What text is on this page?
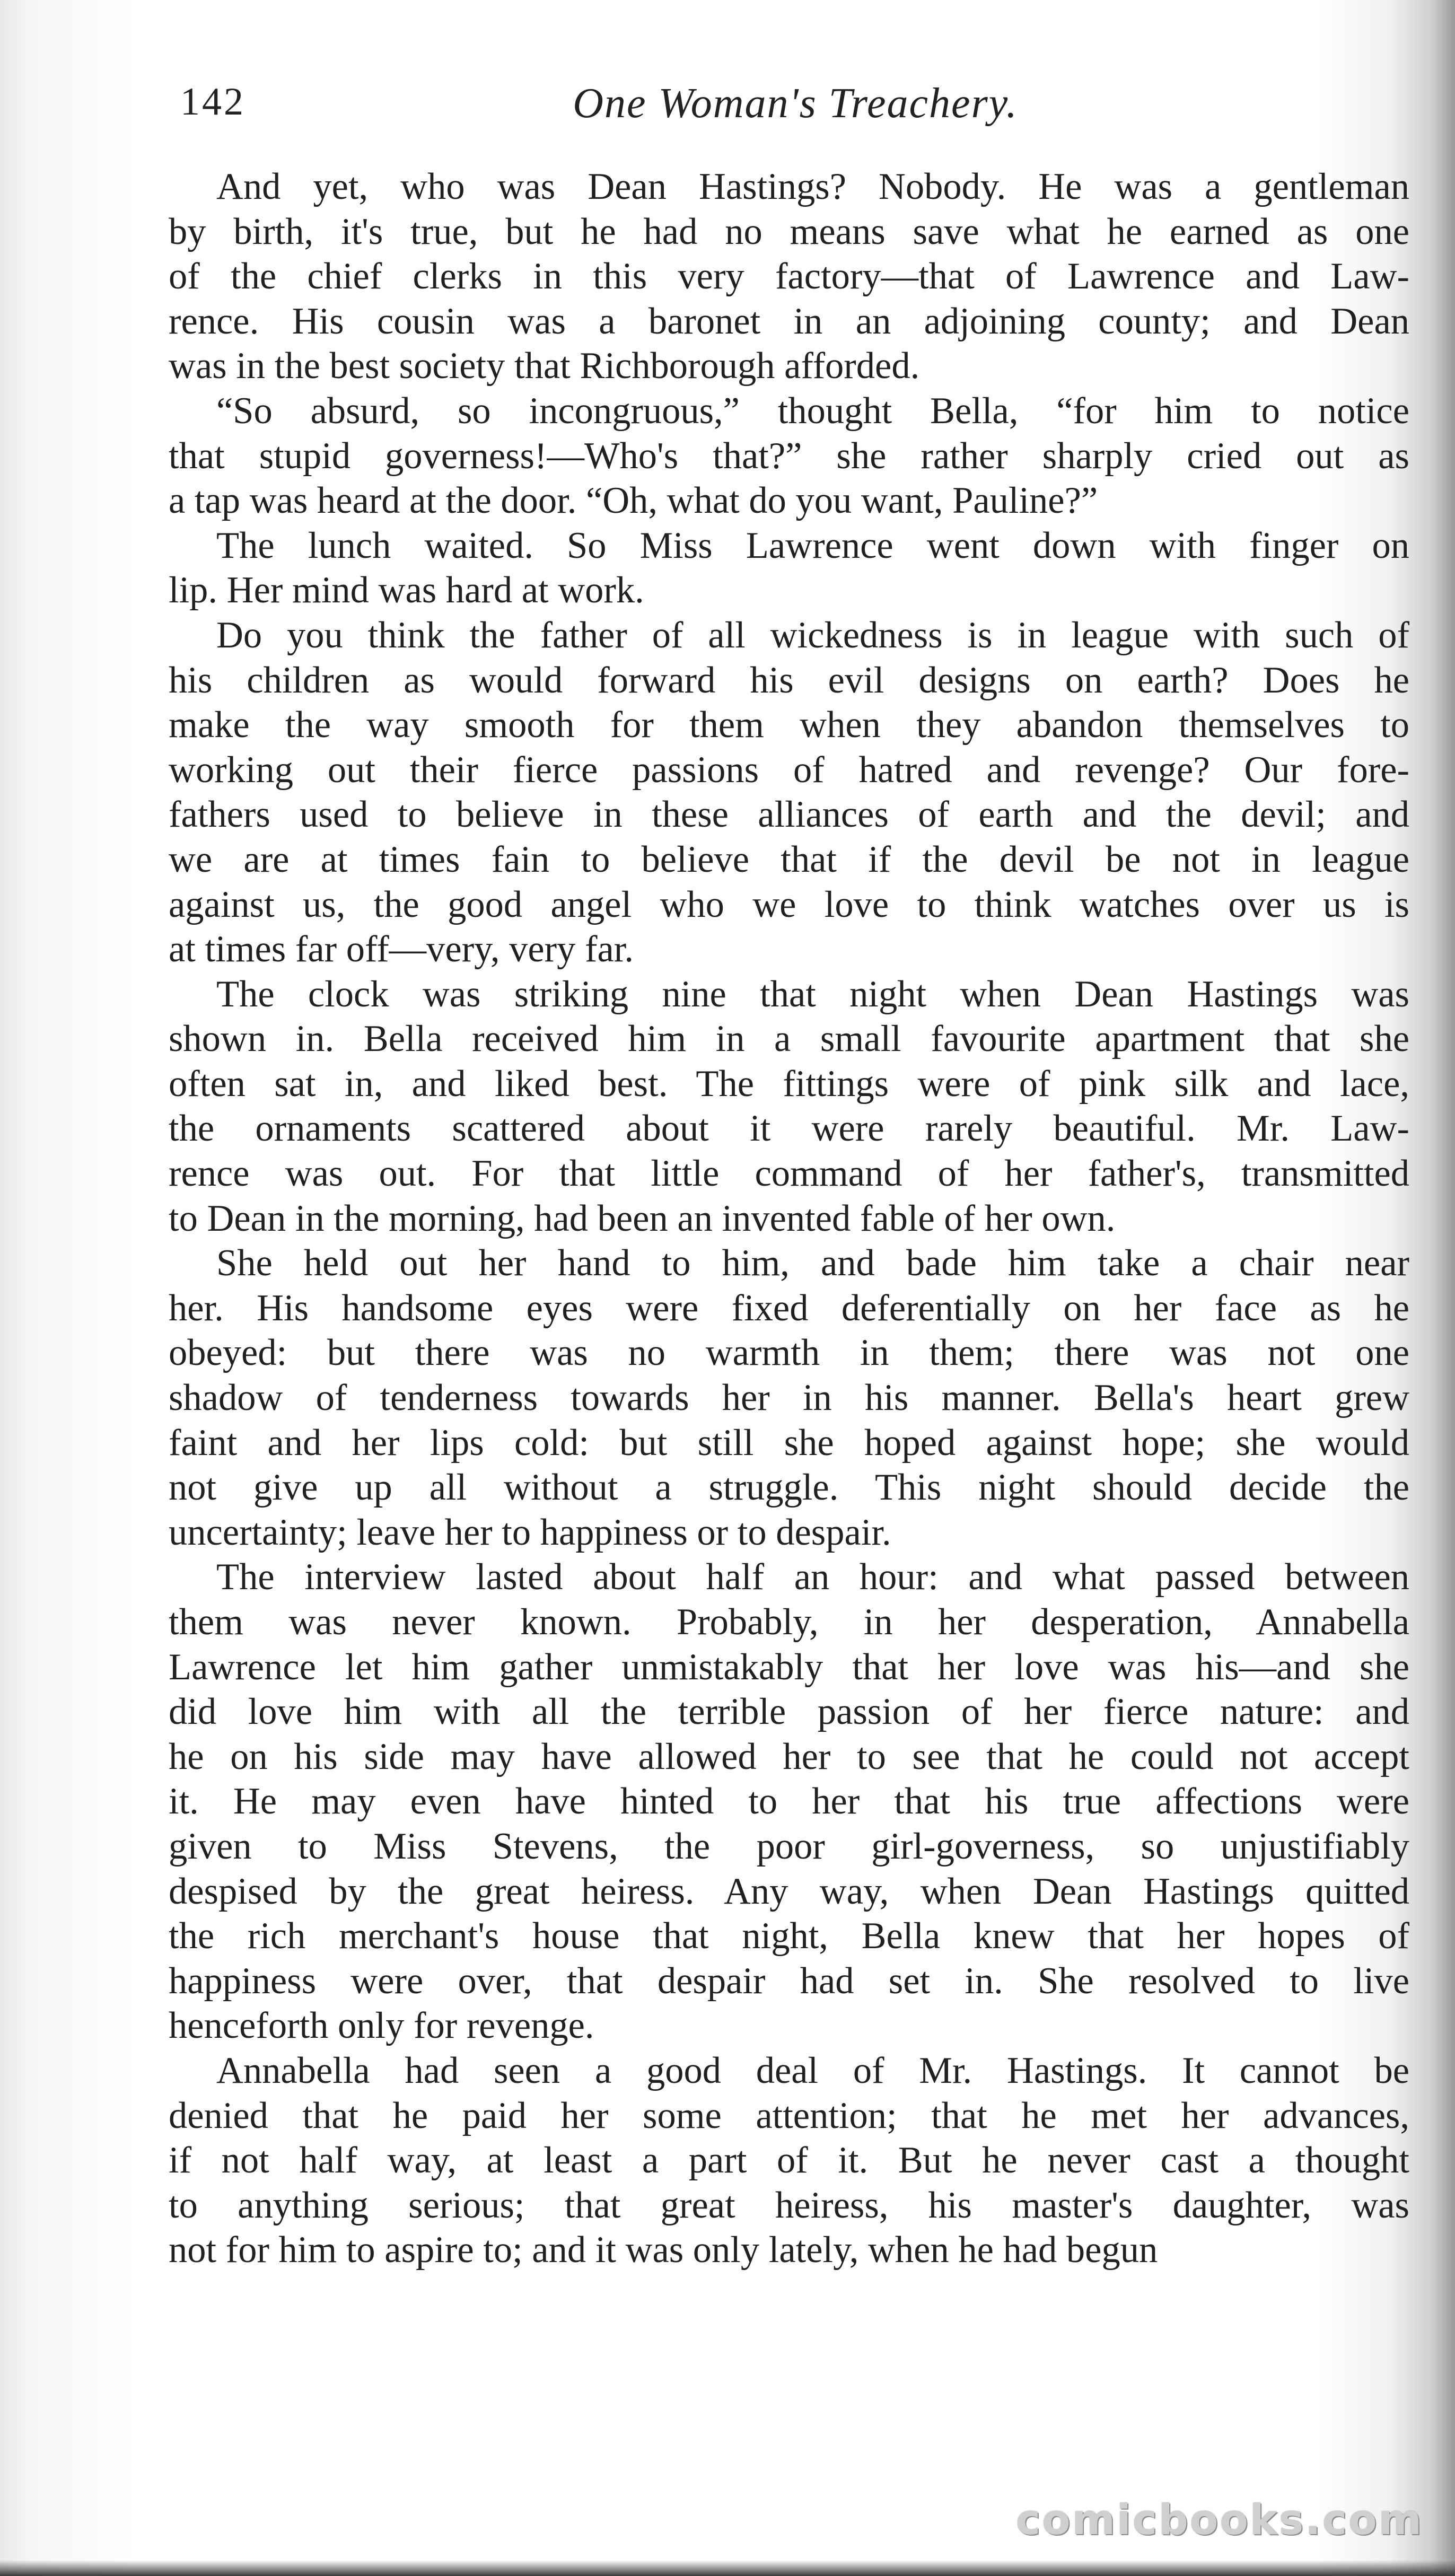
142	One Woman's Treachery.
And yet, who was Dean Hastings? Nobody. He was a gentleman
by birth, it's true, but he had no means save what he earned as one
of the chief clerks in this very factory—that of Lawrence and Law-
rence. His cousin was a baronet in an adjoining county; and Dean
was in the best society that Richborough afforded.
“So absurd, so incongruous,” thought Bella, “for him to notice
that stupid governess!—Who's that?” she rather sharply cried out as
a tap was heard at the door. “Oh, what do you want, Pauline?”
The lunch waited. So Miss Lawrence went down with finger on
lip. Her mind was hard at work.
Do you think the father of all wickedness is in league with such of
his children as would forward his evil designs on earth? Does he
make the way smooth for them when they abandon themselves to
working out their fierce passions of hatred and revenge? Our fore-
fathers used to believe in these alliances of earth and the devil; and
we are at times fain to believe that if the devil be not in league
against us, the good angel who we love to think watches over us is
at times far off—very, very far.
The clock was striking nine that night when Dean Hastings was
shown in. Bella received him in a small favourite apartment that she
often sat in, and liked best. The fittings were of pink silk and lace,
the ornaments scattered about it were rarely beautiful. Mr. Law-
rence was out. For that little command of her father's, transmitted
to Dean in the morning, had been an invented fable of her own.
She held out her hand to him, and bade him take a chair near
her. His handsome eyes were fixed deferentially on her face as he
obeyed: but there was no warmth in them; there was not one
shadow of tenderness towards her in his manner. Bella's heart grew
faint and her lips cold: but still she hoped against hope; she would
not give up all without a struggle. This night should decide the
uncertainty; leave her to happiness or to despair.
The interview lasted about half an hour: and what passed between
them was never known. Probably, in her desperation, Annabella
Lawrence let him gather unmistakably that her love was his—and she
did love him with all the terrible passion of her fierce nature: and
he on his side may have allowed her to see that he could not accept
it. He may even have hinted to her that his true affections were
given to Miss Stevens, the poor girl-governess, so unjustifiably
despised by the great heiress. Any way, when Dean Hastings quitted
the rich merchant's house that night, Bella knew that her hopes of
happiness were over, that despair had set in. She resolved to live
henceforth only for revenge.
Annabella had seen a good deal of Mr. Hastings. It cannot be
denied that he paid her some attention; that he met her advances,
if not half way, at least a part of it. But he never cast a thought
to anything serious; that great heiress, his master's daughter, was
not for him to aspire to; and it was only lately, when he had begun
comicbooks.com
